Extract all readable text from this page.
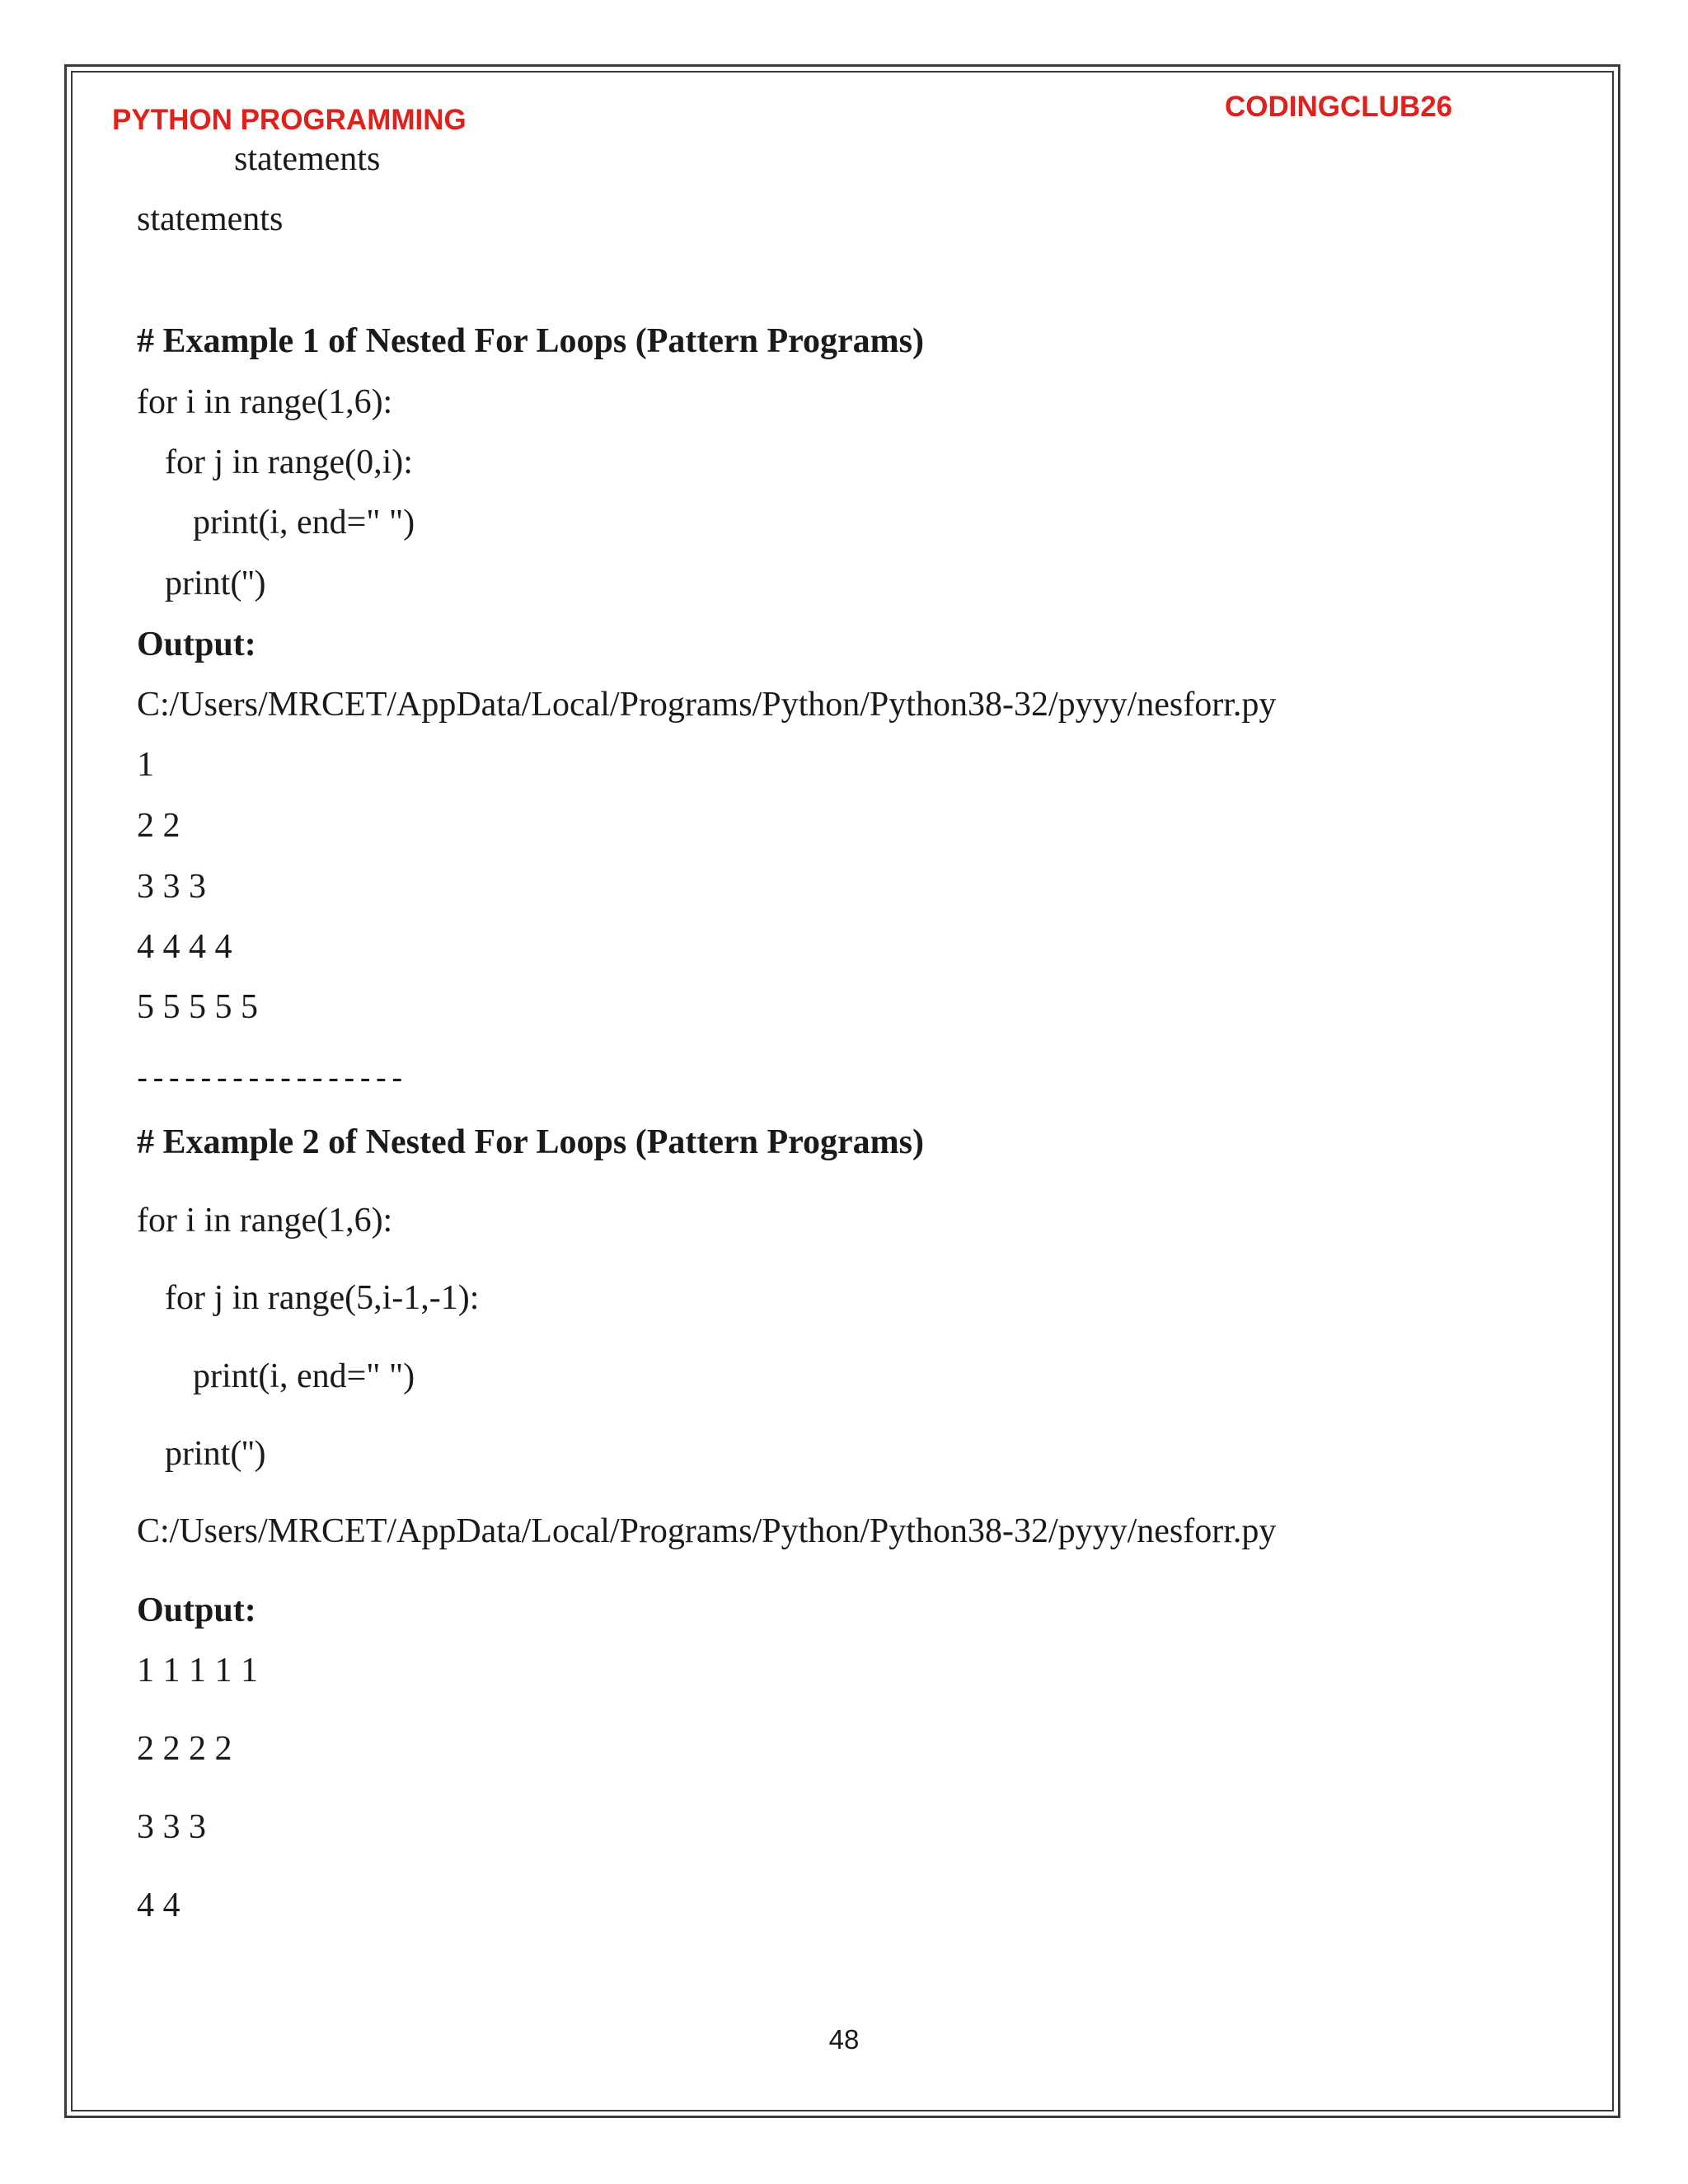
PYTHON PROGRAMMING	CODINGCLUB26
statements
statements
# Example 1 of Nested For Loops (Pattern Programs)
for i in range(1,6):
for j in range(0,i):
print(i, end=" ")
print('')
Output:
C:/Users/MRCET/AppData/Local/Programs/Python/Python38-32/pyyy/nesforr.py
1
2 2
3 3 3
4 4 4 4
5 5 5 5 5
-----------------
# Example 2 of Nested For Loops (Pattern Programs)
for i in range(1,6):
for j in range(5,i-1,-1):
print(i, end=" ")
print('')
C:/Users/MRCET/AppData/Local/Programs/Python/Python38-32/pyyy/nesforr.py
Output:
1 1 1 1 1
2 2 2 2
3 3 3
4 4
48
